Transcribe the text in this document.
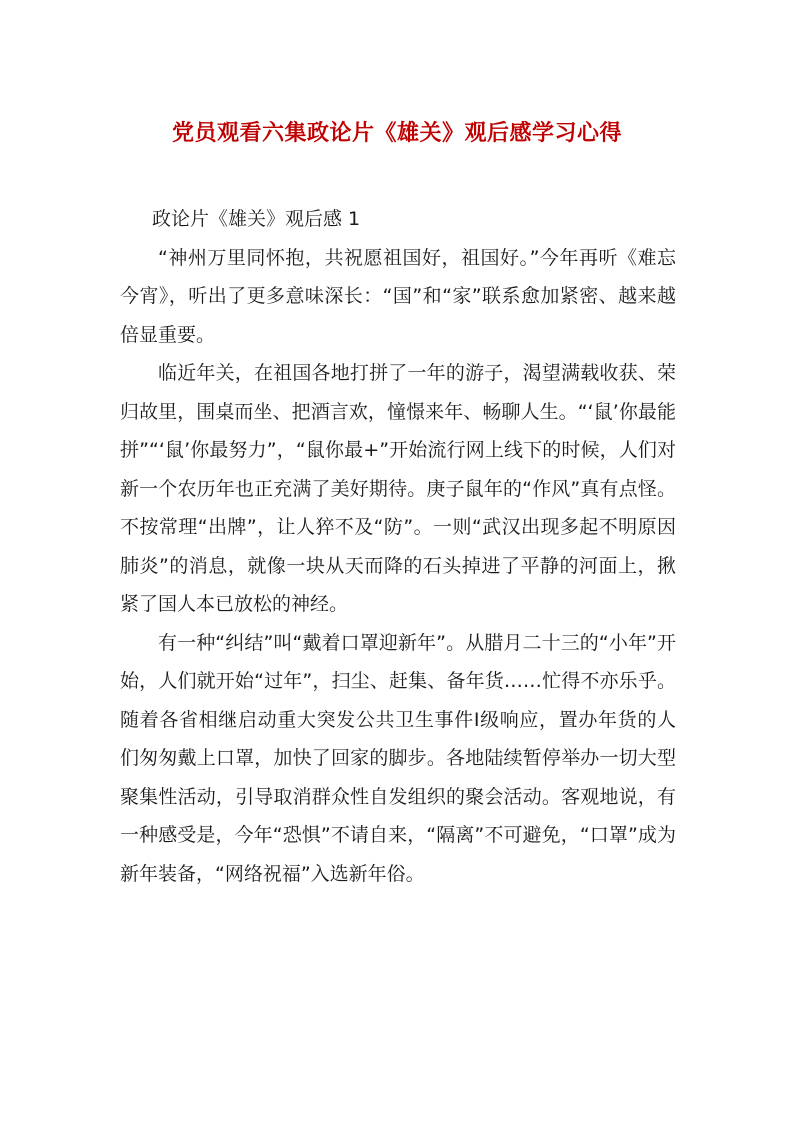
党员观看六集政论片《雄关》观后感学习心得

政论片《雄关》观后感 1

“神州万里同怀抱，共祝愿祖国好，祖国好。”今年再听《难忘今宵》，听出了更多意味深长：“国”和“家”联系愈加紧密、越来越倍显重要。

临近年关，在祖国各地打拼了一年的游子，渴望满载收获、荣归故里，围桌而坐、把酒言欢，憧憬来年、畅聊人生。“‘鼠’你最能拼”“‘鼠’你最努力”，“鼠你最+”开始流行网上线下的时候，人们对新一个农历年也正充满了美好期待。庚子鼠年的“作风”真有点怪。不按常理“出牌”，让人猝不及“防”。一则“武汉出现多起不明原因肺炎”的消息，就像一块从天而降的石头掉进了平静的河面上，揪紧了国人本已放松的神经。

有一种“纠结”叫“戴着口罩迎新年”。从腊月二十三的“小年”开始，人们就开始“过年”，扫尘、赶集、备年货……忙得不亦乐乎。随着各省相继启动重大突发公共卫生事件Ⅰ级响应，置办年货的人们匆匆戴上口罩，加快了回家的脚步。各地陆续暂停举办一切大型聚集性活动，引导取消群众性自发组织的聚会活动。客观地说，有一种感受是，今年“恐惧”不请自来，“隔离”不可避免，“口罩”成为新年装备，“网络祝福”入选新年俗。
